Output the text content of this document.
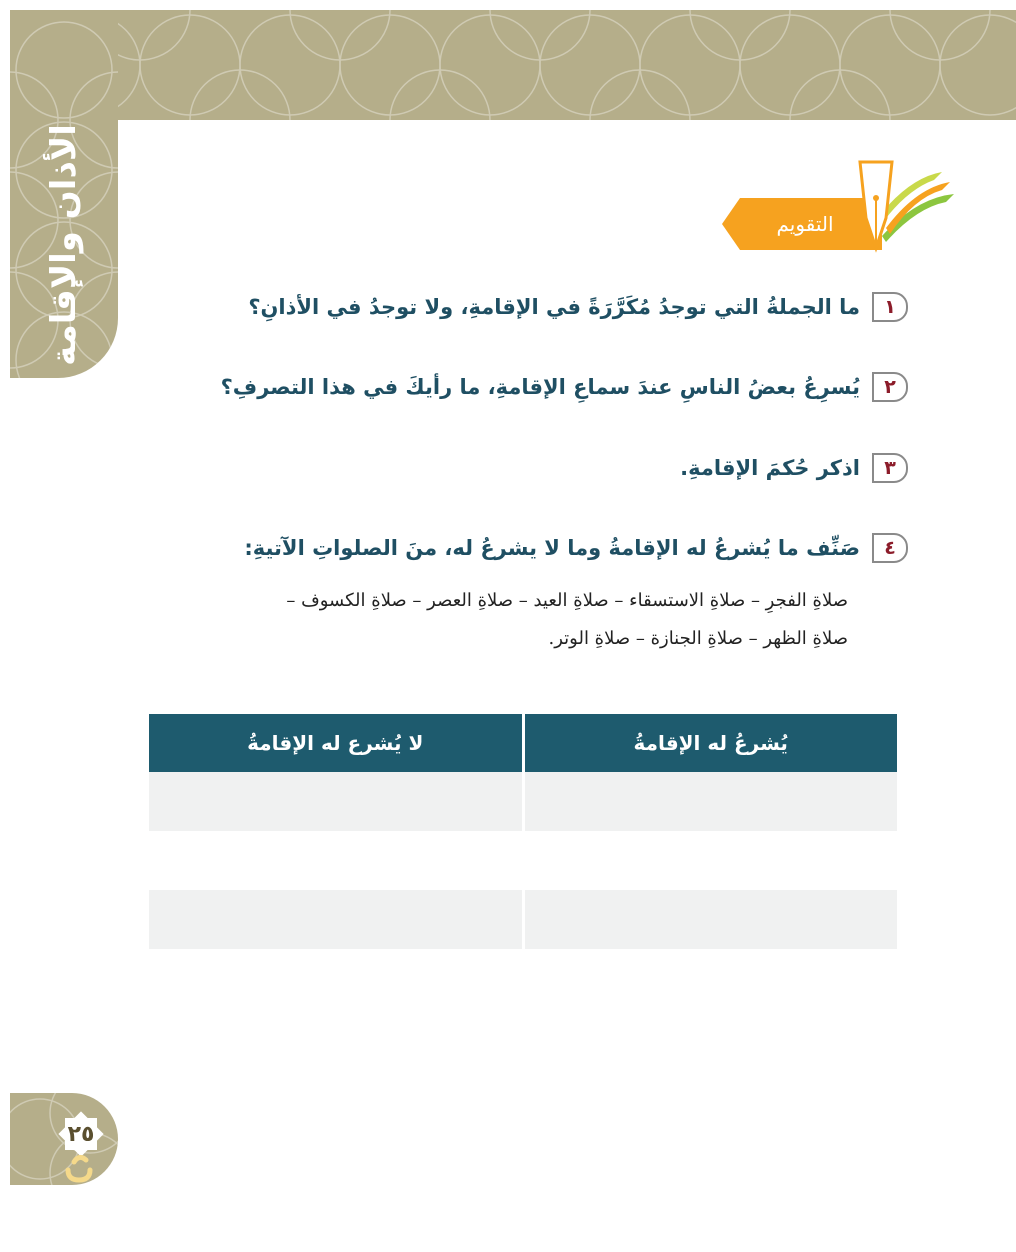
الأذان والإقامة	التقويم
١
ما الجملةُ التي توجدُ مُكَرَّرَةً في الإقامةِ، ولا توجدُ في الأذانِ؟
٢
يُسرِعُ بعضُ الناسِ عندَ سماعِ الإقامةِ، ما رأيكَ في هذا التصرفِ؟
٣
اذكر حُكمَ الإقامةِ.
٤
صَنِّف ما يُشرعُ له الإقامةُ وما لا يشرعُ له، منَ الصلواتِ الآتيةِ:
صلاةِ الفجرِ – صلاةِ الاستسقاء – صلاةِ العيد – صلاةِ العصر – صلاةِ الكسوف –
صلاةِ الظهر – صلاةِ الجنازة – صلاةِ الوتر.
يُشرعُ له الإقامةُ	لا يُشرع له الإقامةُ

٢٥
